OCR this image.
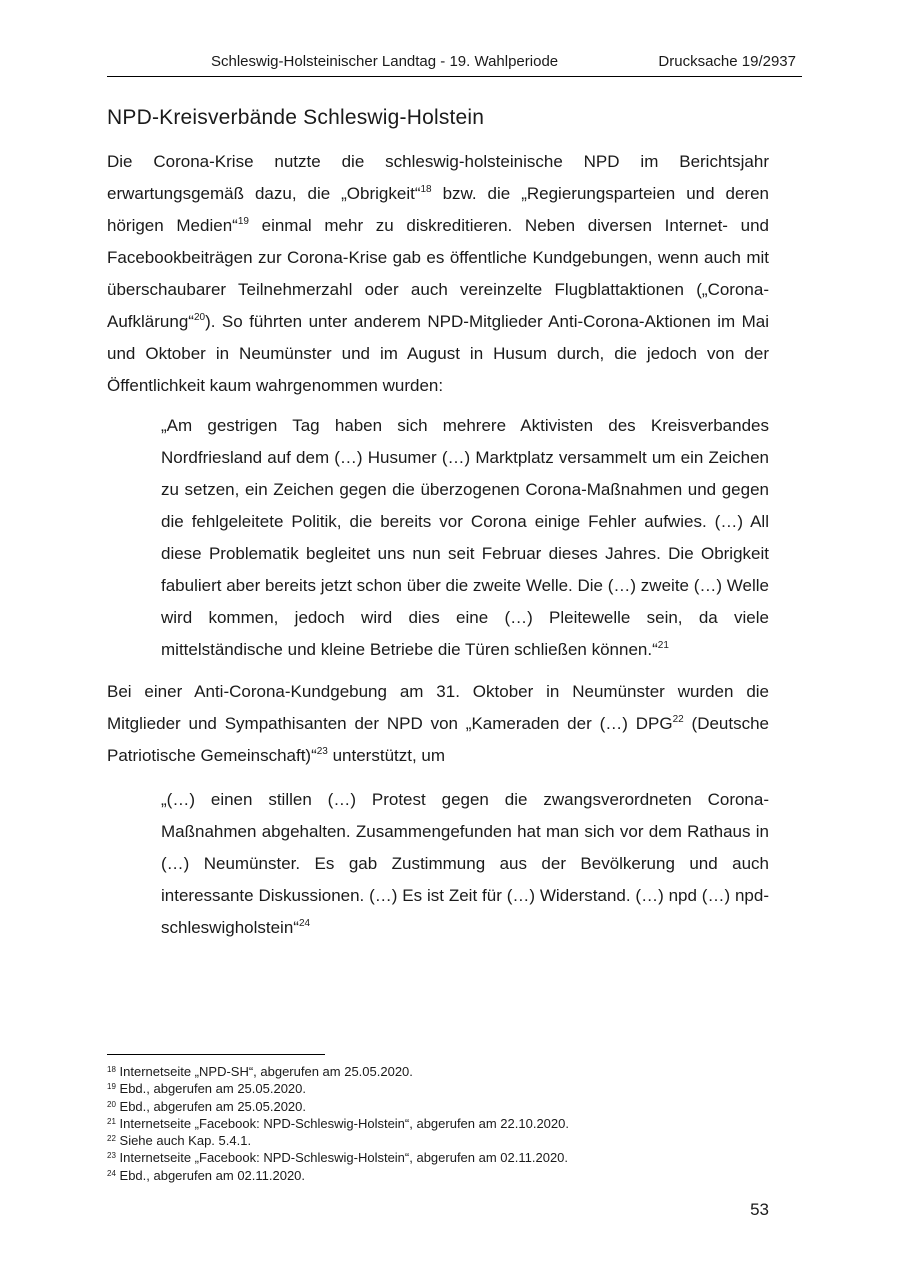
Schleswig-Holsteinischer Landtag - 19. Wahlperiode	Drucksache 19/2937
NPD-Kreisverbände Schleswig-Holstein

Die Corona-Krise nutzte die schleswig-holsteinische NPD im Berichtsjahr erwartungsgemäß dazu, die „Obrigkeit“$^{18}$ bzw. die „Regierungsparteien und deren hörigen Medien“$^{19}$ einmal mehr zu diskreditieren. Neben diversen Internet- und Facebookbeiträgen zur Corona-Krise gab es öffentliche Kundgebungen, wenn auch mit überschaubarer Teilnehmerzahl oder auch vereinzelte Flugblattaktionen („Corona-Aufklärung“$^{20}$). So führten unter anderem NPD-Mitglieder Anti-Corona-Aktionen im Mai und Oktober in Neumünster und im August in Husum durch, die jedoch von der Öffentlichkeit kaum wahrgenommen wurden:

„Am gestrigen Tag haben sich mehrere Aktivisten des Kreisverbandes Nordfriesland auf dem (…) Husumer (…) Marktplatz versammelt um ein Zeichen zu setzen, ein Zeichen gegen die überzogenen Corona-Maßnahmen und gegen die fehlgeleitete Politik, die bereits vor Corona einige Fehler aufwies. (…) All diese Problematik begleitet uns nun seit Februar dieses Jahres. Die Obrigkeit fabuliert aber bereits jetzt schon über die zweite Welle. Die (…) zweite (…) Welle wird kommen, jedoch wird dies eine (…) Pleitewelle sein, da viele mittelständische und kleine Betriebe die Türen schließen können.“$^{21}$

Bei einer Anti-Corona-Kundgebung am 31. Oktober in Neumünster wurden die Mitglieder und Sympathisanten der NPD von „Kameraden der (…) DPG$^{22}$ (Deutsche Patriotische Gemeinschaft)“$^{23}$ unterstützt, um

„(…) einen stillen (…) Protest gegen die zwangsverordneten Corona-Maßnahmen abgehalten. Zusammengefunden hat man sich vor dem Rathaus in (…) Neumünster. Es gab Zustimmung aus der Bevölkerung und auch interessante Diskussionen. (…) Es ist Zeit für (…) Widerstand. (…) npd (…) npd-schleswigholstein“$^{24}$

$^{18}$ Internetseite „NPD-SH“, abgerufen am 25.05.2020.
$^{19}$ Ebd., abgerufen am 25.05.2020.
$^{20}$ Ebd., abgerufen am 25.05.2020.
$^{21}$ Internetseite „Facebook: NPD-Schleswig-Holstein“, abgerufen am 22.10.2020.
$^{22}$ Siehe auch Kap. 5.4.1.
$^{23}$ Internetseite „Facebook: NPD-Schleswig-Holstein“, abgerufen am 02.11.2020.
$^{24}$ Ebd., abgerufen am 02.11.2020.
53
